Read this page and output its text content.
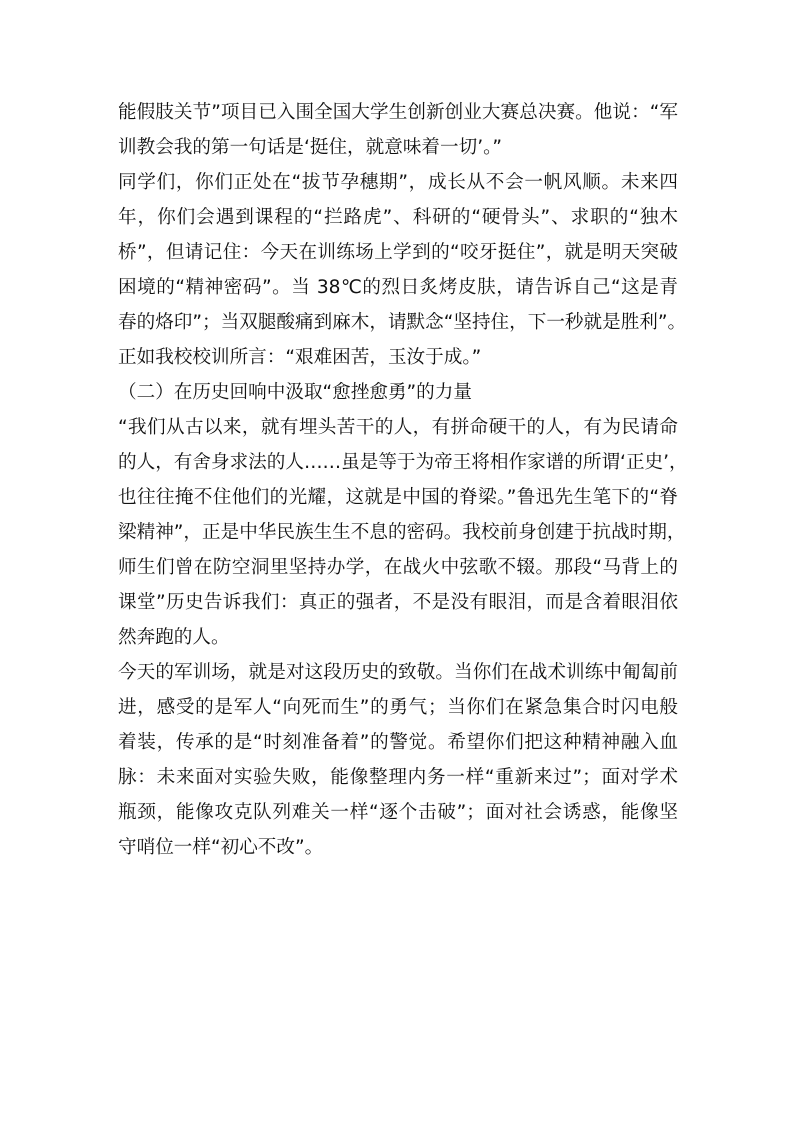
能假肢关节”项目已入围全国大学生创新创业大赛总决赛。他说：“军
训教会我的第一句话是‘挺住，就意味着一切’。”
同学们，你们正处在“拔节孕穗期”，成长从不会一帆风顺。未来四
年，你们会遇到课程的“拦路虎”、科研的“硬骨头”、求职的“独木
桥”，但请记住：今天在训练场上学到的“咬牙挺住”，就是明天突破
困境的“精神密码”。当 38℃的烈日炙烤皮肤，请告诉自己“这是青
春的烙印”；当双腿酸痛到麻木，请默念“坚持住，下一秒就是胜利”。
正如我校校训所言：“艰难困苦，玉汝于成。”
（二）在历史回响中汲取“愈挫愈勇”的力量
“我们从古以来，就有埋头苦干的人，有拼命硬干的人，有为民请命
的人，有舍身求法的人……虽是等于为帝王将相作家谱的所谓‘正史’，
也往往掩不住他们的光耀，这就是中国的脊梁。”鲁迅先生笔下的“脊
梁精神”，正是中华民族生生不息的密码。我校前身创建于抗战时期，
师生们曾在防空洞里坚持办学，在战火中弦歌不辍。那段“马背上的
课堂”历史告诉我们：真正的强者，不是没有眼泪，而是含着眼泪依
然奔跑的人。
今天的军训场，就是对这段历史的致敬。当你们在战术训练中匍匐前
进，感受的是军人“向死而生”的勇气；当你们在紧急集合时闪电般
着装，传承的是“时刻准备着”的警觉。希望你们把这种精神融入血
脉：未来面对实验失败，能像整理内务一样“重新来过”；面对学术
瓶颈，能像攻克队列难关一样“逐个击破”；面对社会诱惑，能像坚
守哨位一样“初心不改”。
